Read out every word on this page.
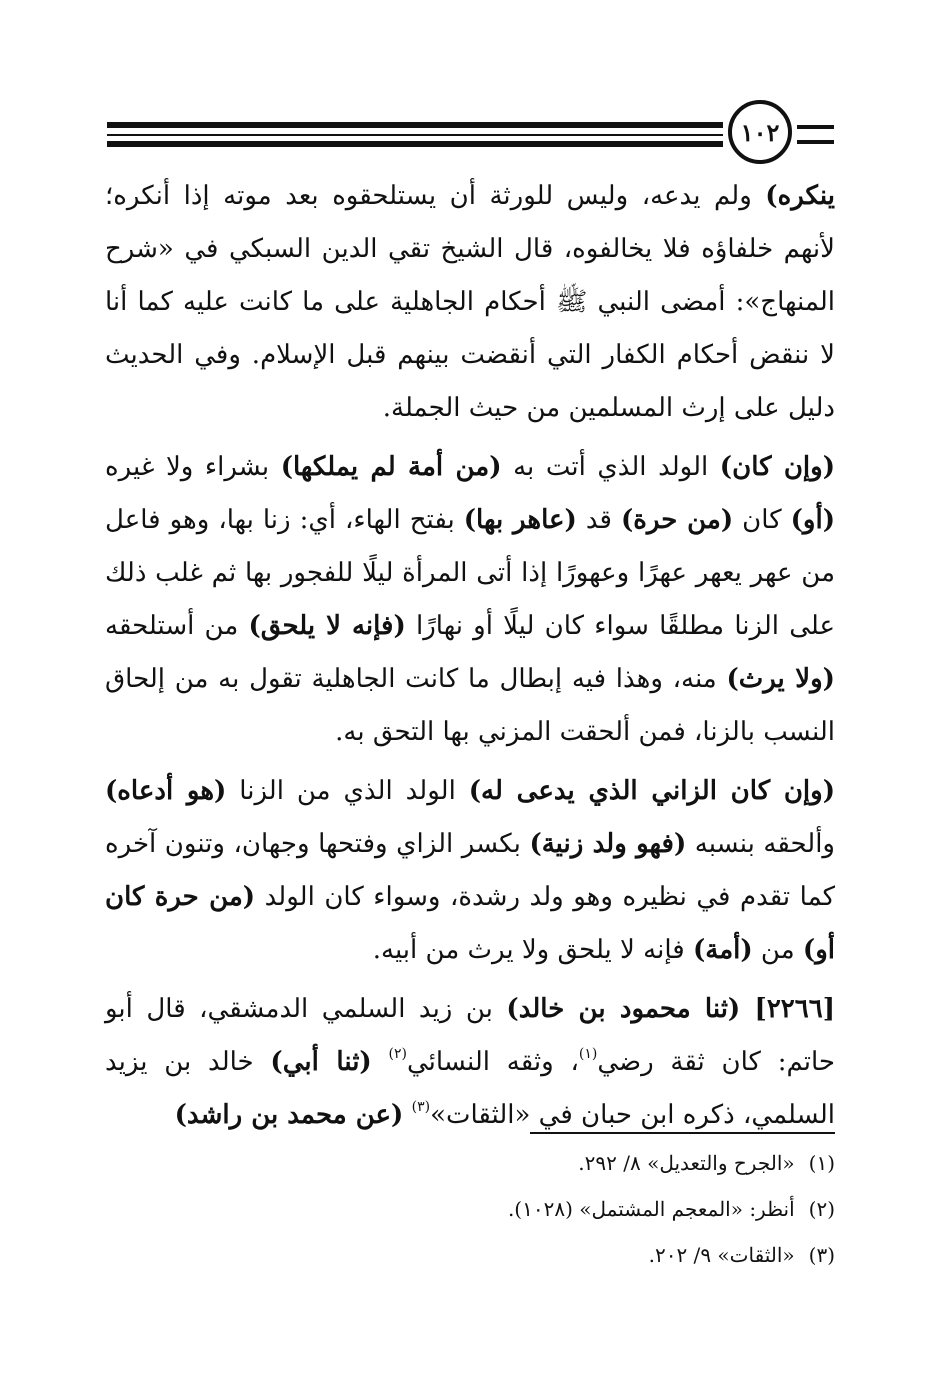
١٠٢

ينكره) ولم يدعه، وليس للورثة أن يستلحقوه بعد موته إذا أنكره؛ لأنهم خلفاؤه فلا يخالفوه، قال الشيخ تقي الدين السبكي في «شرح المنهاج»: أمضى النبي ﷺ أحكام الجاهلية على ما كانت عليه كما أنا لا ننقض أحكام الكفار التي أنقضت بينهم قبل الإسلام. وفي الحديث دليل على إرث المسلمين من حيث الجملة.

(وإن كان) الولد الذي أتت به (من أمة لم يملكها) بشراء ولا غيره (أو) كان (من حرة) قد (عاهر بها) بفتح الهاء، أي: زنا بها، وهو فاعل من عهر يعهر عهرًا وعهورًا إذا أتى المرأة ليلًا للفجور بها ثم غلب ذلك على الزنا مطلقًا سواء كان ليلًا أو نهارًا (فإنه لا يلحق) من أستلحقه (ولا يرث) منه، وهذا فيه إبطال ما كانت الجاهلية تقول به من إلحاق النسب بالزنا، فمن ألحقت المزني بها التحق به.

(وإن كان الزاني الذي يدعى له) الولد الذي من الزنا (هو أدعاه) وألحقه بنسبه (فهو ولد زنية) بكسر الزاي وفتحها وجهان، وتنون آخره كما تقدم في نظيره وهو ولد رشدة، وسواء كان الولد (من حرة كان أو) من (أمة) فإنه لا يلحق ولا يرث من أبيه.

[٢٢٦٦] (ثنا محمود بن خالد) بن زيد السلمي الدمشقي، قال أبو حاتم: كان ثقة رضي$^{(١)}$، وثقه النسائي$^{(٢)}$ (ثنا أبي) خالد بن يزيد السلمي، ذكره ابن حبان في «الثقات»$^{(٣)}$ (عن محمد بن راشد)

(١)«الجرح والتعديل» ٨/ ٢٩٢.
(٢)أنظر: «المعجم المشتمل» (١٠٢٨).
(٣)«الثقات» ٩/ ٢٠٢.
